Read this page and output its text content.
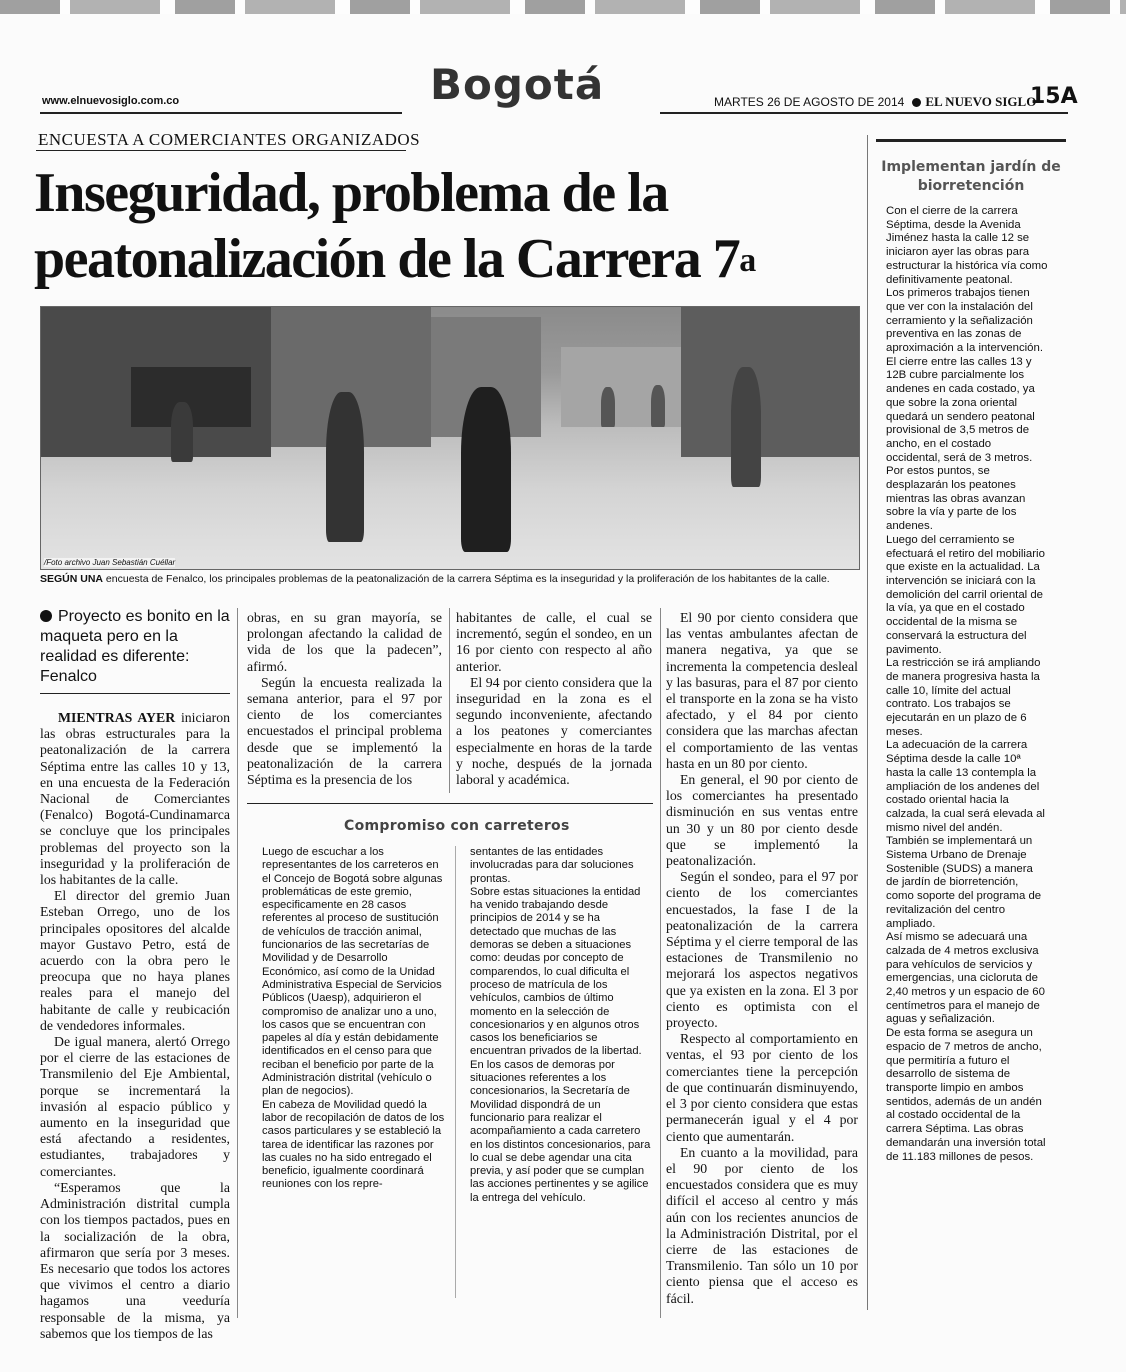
Bogotá
www.elnuevosiglo.com.co	MARTES 26 DE AGOSTO DE 2014 EL NUEVO SIGLO
15A
ENCUESTA A COMERCIANTES ORGANIZADOS
Inseguridad, problema de la peatonalización de la Carrera 7$^a$
/Foto archivo Juan Sebastián Cuéllar
SEGÚN UNA encuesta de Fenalco, los principales problemas de la peatonalización de la carrera Séptima es la inseguridad y la proliferación de los habitantes de la calle.
Proyecto es bonito en la maqueta pero en la realidad es diferente: Fenalco

MIENTRAS AYER iniciaron las obras estructurales para la peatonalización de la carrera Séptima entre las calles 10 y 13, en una encuesta de la Federación Nacional de Comerciantes (Fenalco) Bogotá-Cundinamarca se concluye que los principales problemas del proyecto son la inseguridad y la proliferación de los habitantes de la calle.

El director del gremio Juan Esteban Orrego, uno de los principales opositores del alcalde mayor Gustavo Petro, está de acuerdo con la obra pero le preocupa que no haya planes reales para el manejo del habitante de calle y reubicación de vendedores informales.

De igual manera, alertó Orrego por el cierre de las estaciones de Transmilenio del Eje Ambiental, porque se incrementará la invasión al espacio público y aumento en la inseguridad que está afectando a residentes, estudiantes, trabajadores y comerciantes.

“Esperamos que la Administración distrital cumpla con los tiempos pactados, pues en la socialización de la obra, afirmaron que sería por 3 meses. Es necesario que todos los actores que vivimos el centro a diario hagamos una veeduría responsable de la misma, ya sabemos que los tiempos de las

obras, en su gran mayoría, se prolongan afectando la calidad de vida de los que la padecen”, afirmó.

Según la encuesta realizada la semana anterior, para el 97 por ciento de los comerciantes encuestados el principal problema desde que se implementó la peatonalización de la carrera Séptima es la presencia de los

habitantes de calle, el cual se incrementó, según el sondeo, en un 16 por ciento con respecto al año anterior.

El 94 por ciento considera que la inseguridad en la zona es el segundo inconveniente, afectando a los peatones y comerciantes especialmente en horas de la tarde y noche, después de la jornada laboral y académica.

El 90 por ciento considera que las ventas ambulantes afectan de manera negativa, ya que se incrementa la competencia desleal y las basuras, para el 87 por ciento el transporte en la zona se ha visto afectado, y el 84 por ciento considera que las marchas afectan el comportamiento de las ventas hasta en un 80 por ciento.

En general, el 90 por ciento de los comerciantes ha presentado disminución en sus ventas entre un 30 y un 80 por ciento desde que se implementó la peatonalización.

Según el sondeo, para el 97 por ciento de los comerciantes encuestados, la fase I de la peatonalización de la carrera Séptima y el cierre temporal de las estaciones de Transmilenio no mejorará los aspectos negativos que ya existen en la zona. El 3 por ciento es optimista con el proyecto.

Respecto al comportamiento en ventas, el 93 por ciento de los comerciantes tiene la percepción de que continuarán disminuyendo, el 3 por ciento considera que estas permanecerán igual y el 4 por ciento que aumentarán.

En cuanto a la movilidad, para el 90 por ciento de los encuestados considera que es muy difícil el acceso al centro y más aún con los recientes anuncios de la Administración Distrital, por el cierre de las estaciones de Transmilenio. Tan sólo un 10 por ciento piensa que el acceso es fácil.

Compromiso con carreteros

Luego de escuchar a los representantes de los carreteros en el Concejo de Bogotá sobre algunas problemáticas de este gremio, especificamente en 28 casos referentes al proceso de sustitución de vehículos de tracción animal, funcionarios de las secretarías de Movilidad y de Desarrollo Económico, así como de la Unidad Administrativa Especial de Servicios Públicos (Uaesp), adquirieron el compromiso de analizar uno a uno, los casos que se encuentran con papeles al día y están debidamente identificados en el censo para que reciban el beneficio por parte de la Administración distrital (vehículo o plan de negocios).

En cabeza de Movilidad quedó la labor de recopilación de datos de los casos particulares y se estableció la tarea de identificar las razones por las cuales no ha sido entregado el beneficio, igualmente coordinará reuniones con los repre-

sentantes de las entidades involucradas para dar soluciones prontas.

Sobre estas situaciones la entidad ha venido trabajando desde principios de 2014 y se ha detectado que muchas de las demoras se deben a situaciones como: deudas por concepto de comparendos, lo cual dificulta el proceso de matrícula de los vehículos, cambios de último momento en la selección de concesionarios y en algunos otros casos los beneficiarios se encuentran privados de la libertad.

En los casos de demoras por situaciones referentes a los concesionarios, la Secretaría de Movilidad dispondrá de un funcionario para realizar el acompañamiento a cada carretero en los distintos concesionarios, para lo cual se debe agendar una cita previa, y así poder que se cumplan las acciones pertinentes y se agilice la entrega del vehículo.

Implementan jardín de biorretención

Con el cierre de la carrera Séptima, desde la Avenida Jiménez hasta la calle 12 se iniciaron ayer las obras para estructurar la histórica vía como definitivamente peatonal.

Los primeros trabajos tienen que ver con la instalación del cerramiento y la señalización preventiva en las zonas de aproximación a la intervención. El cierre entre las calles 13 y 12B cubre parcialmente los andenes en cada costado, ya que sobre la zona oriental quedará un sendero peatonal provisional de 3,5 metros de ancho, en el costado occidental, será de 3 metros. Por estos puntos, se desplazarán los peatones mientras las obras avanzan sobre la vía y parte de los andenes.

Luego del cerramiento se efectuará el retiro del mobiliario que existe en la actualidad. La intervención se iniciará con la demolición del carril oriental de la vía, ya que en el costado occidental de la misma se conservará la estructura del pavimento.

La restricción se irá ampliando de manera progresiva hasta la calle 10, límite del actual contrato. Los trabajos se ejecutarán en un plazo de 6 meses.

La adecuación de la carrera Séptima desde la calle 10ª hasta la calle 13 contempla la ampliación de los andenes del costado oriental hacia la calzada, la cual será elevada al mismo nivel del andén.

También se implementará un Sistema Urbano de Drenaje Sostenible (SUDS) a manera de jardín de biorretención, como soporte del programa de revitalización del centro ampliado.

Así mismo se adecuará una calzada de 4 metros exclusiva para vehículos de servicios y emergencias, una cicloruta de 2,40 metros y un espacio de 60 centímetros para el manejo de aguas y señalización.

De esta forma se asegura un espacio de 7 metros de ancho, que permitiría a futuro el desarrollo de sistema de transporte limpio en ambos sentidos, además de un andén al costado occidental de la carrera Séptima. Las obras demandarán una inversión total de 11.183 millones de pesos.
